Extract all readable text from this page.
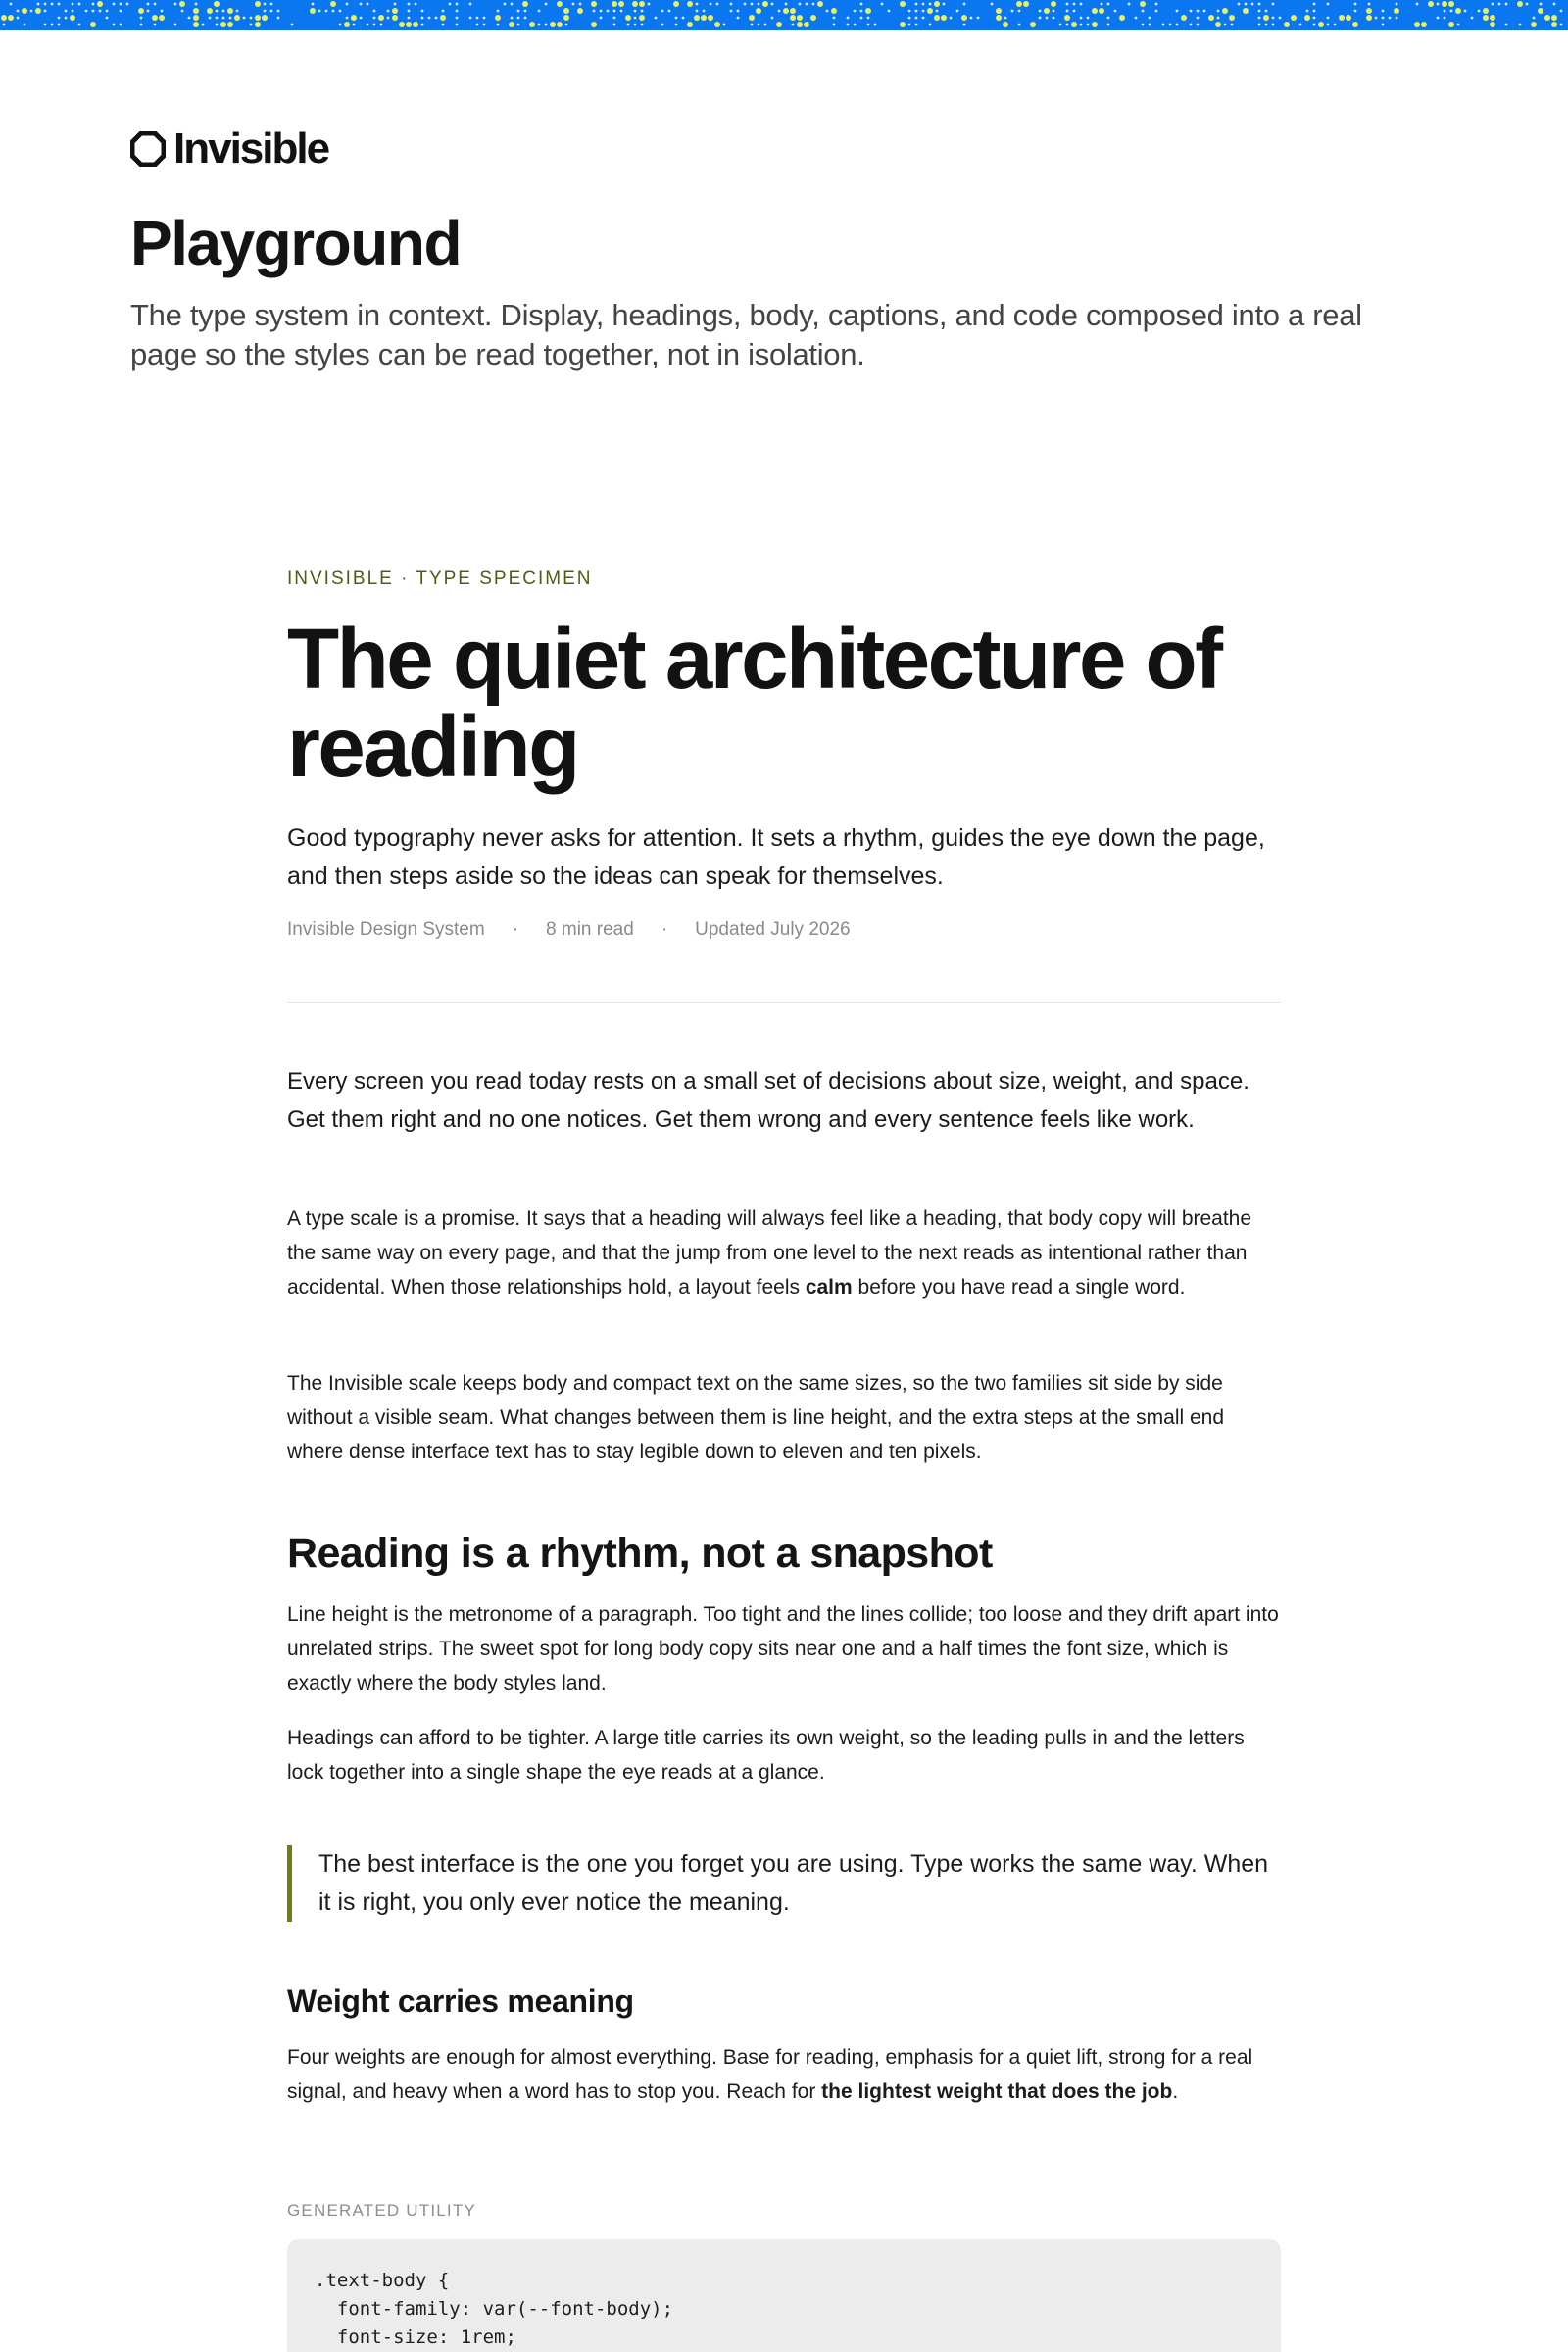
Invisible
Playground

The type system in context. Display, headings, body, captions, and code composed into a real page so the styles can be read together, not in isolation.

INVISIBLE · TYPE SPECIMEN
The quiet architecture of reading

Good typography never asks for attention. It sets a rhythm, guides the eye down the page, and then steps aside so the ideas can speak for themselves.

Invisible Design System · 8 min read · Updated July 2026

Every screen you read today rests on a small set of decisions about size, weight, and space. Get them right and no one notices. Get them wrong and every sentence feels like work.

A type scale is a promise. It says that a heading will always feel like a heading, that body copy will breathe the same way on every page, and that the jump from one level to the next reads as intentional rather than accidental. When those relationships hold, a layout feels calm before you have read a single word.

The Invisible scale keeps body and compact text on the same sizes, so the two families sit side by side without a visible seam. What changes between them is line height, and the extra steps at the small end where dense interface text has to stay legible down to eleven and ten pixels.

Reading is a rhythm, not a snapshot

Line height is the metronome of a paragraph. Too tight and the lines collide; too loose and they drift apart into unrelated strips. The sweet spot for long body copy sits near one and a half times the font size, which is exactly where the body styles land.

Headings can afford to be tighter. A large title carries its own weight, so the leading pulls in and the letters lock together into a single shape the eye reads at a glance.

The best interface is the one you forget you are using. Type works the same way. When it is right, you only ever notice the meaning.
Weight carries meaning

Four weights are enough for almost everything. Base for reading, emphasis for a quiet lift, strong for a real signal, and heavy when a word has to stop you. Reach for the lightest weight that does the job.

GENERATED UTILITY
.text-body {
font-family: var(--font-body);
font-size: 1rem;
